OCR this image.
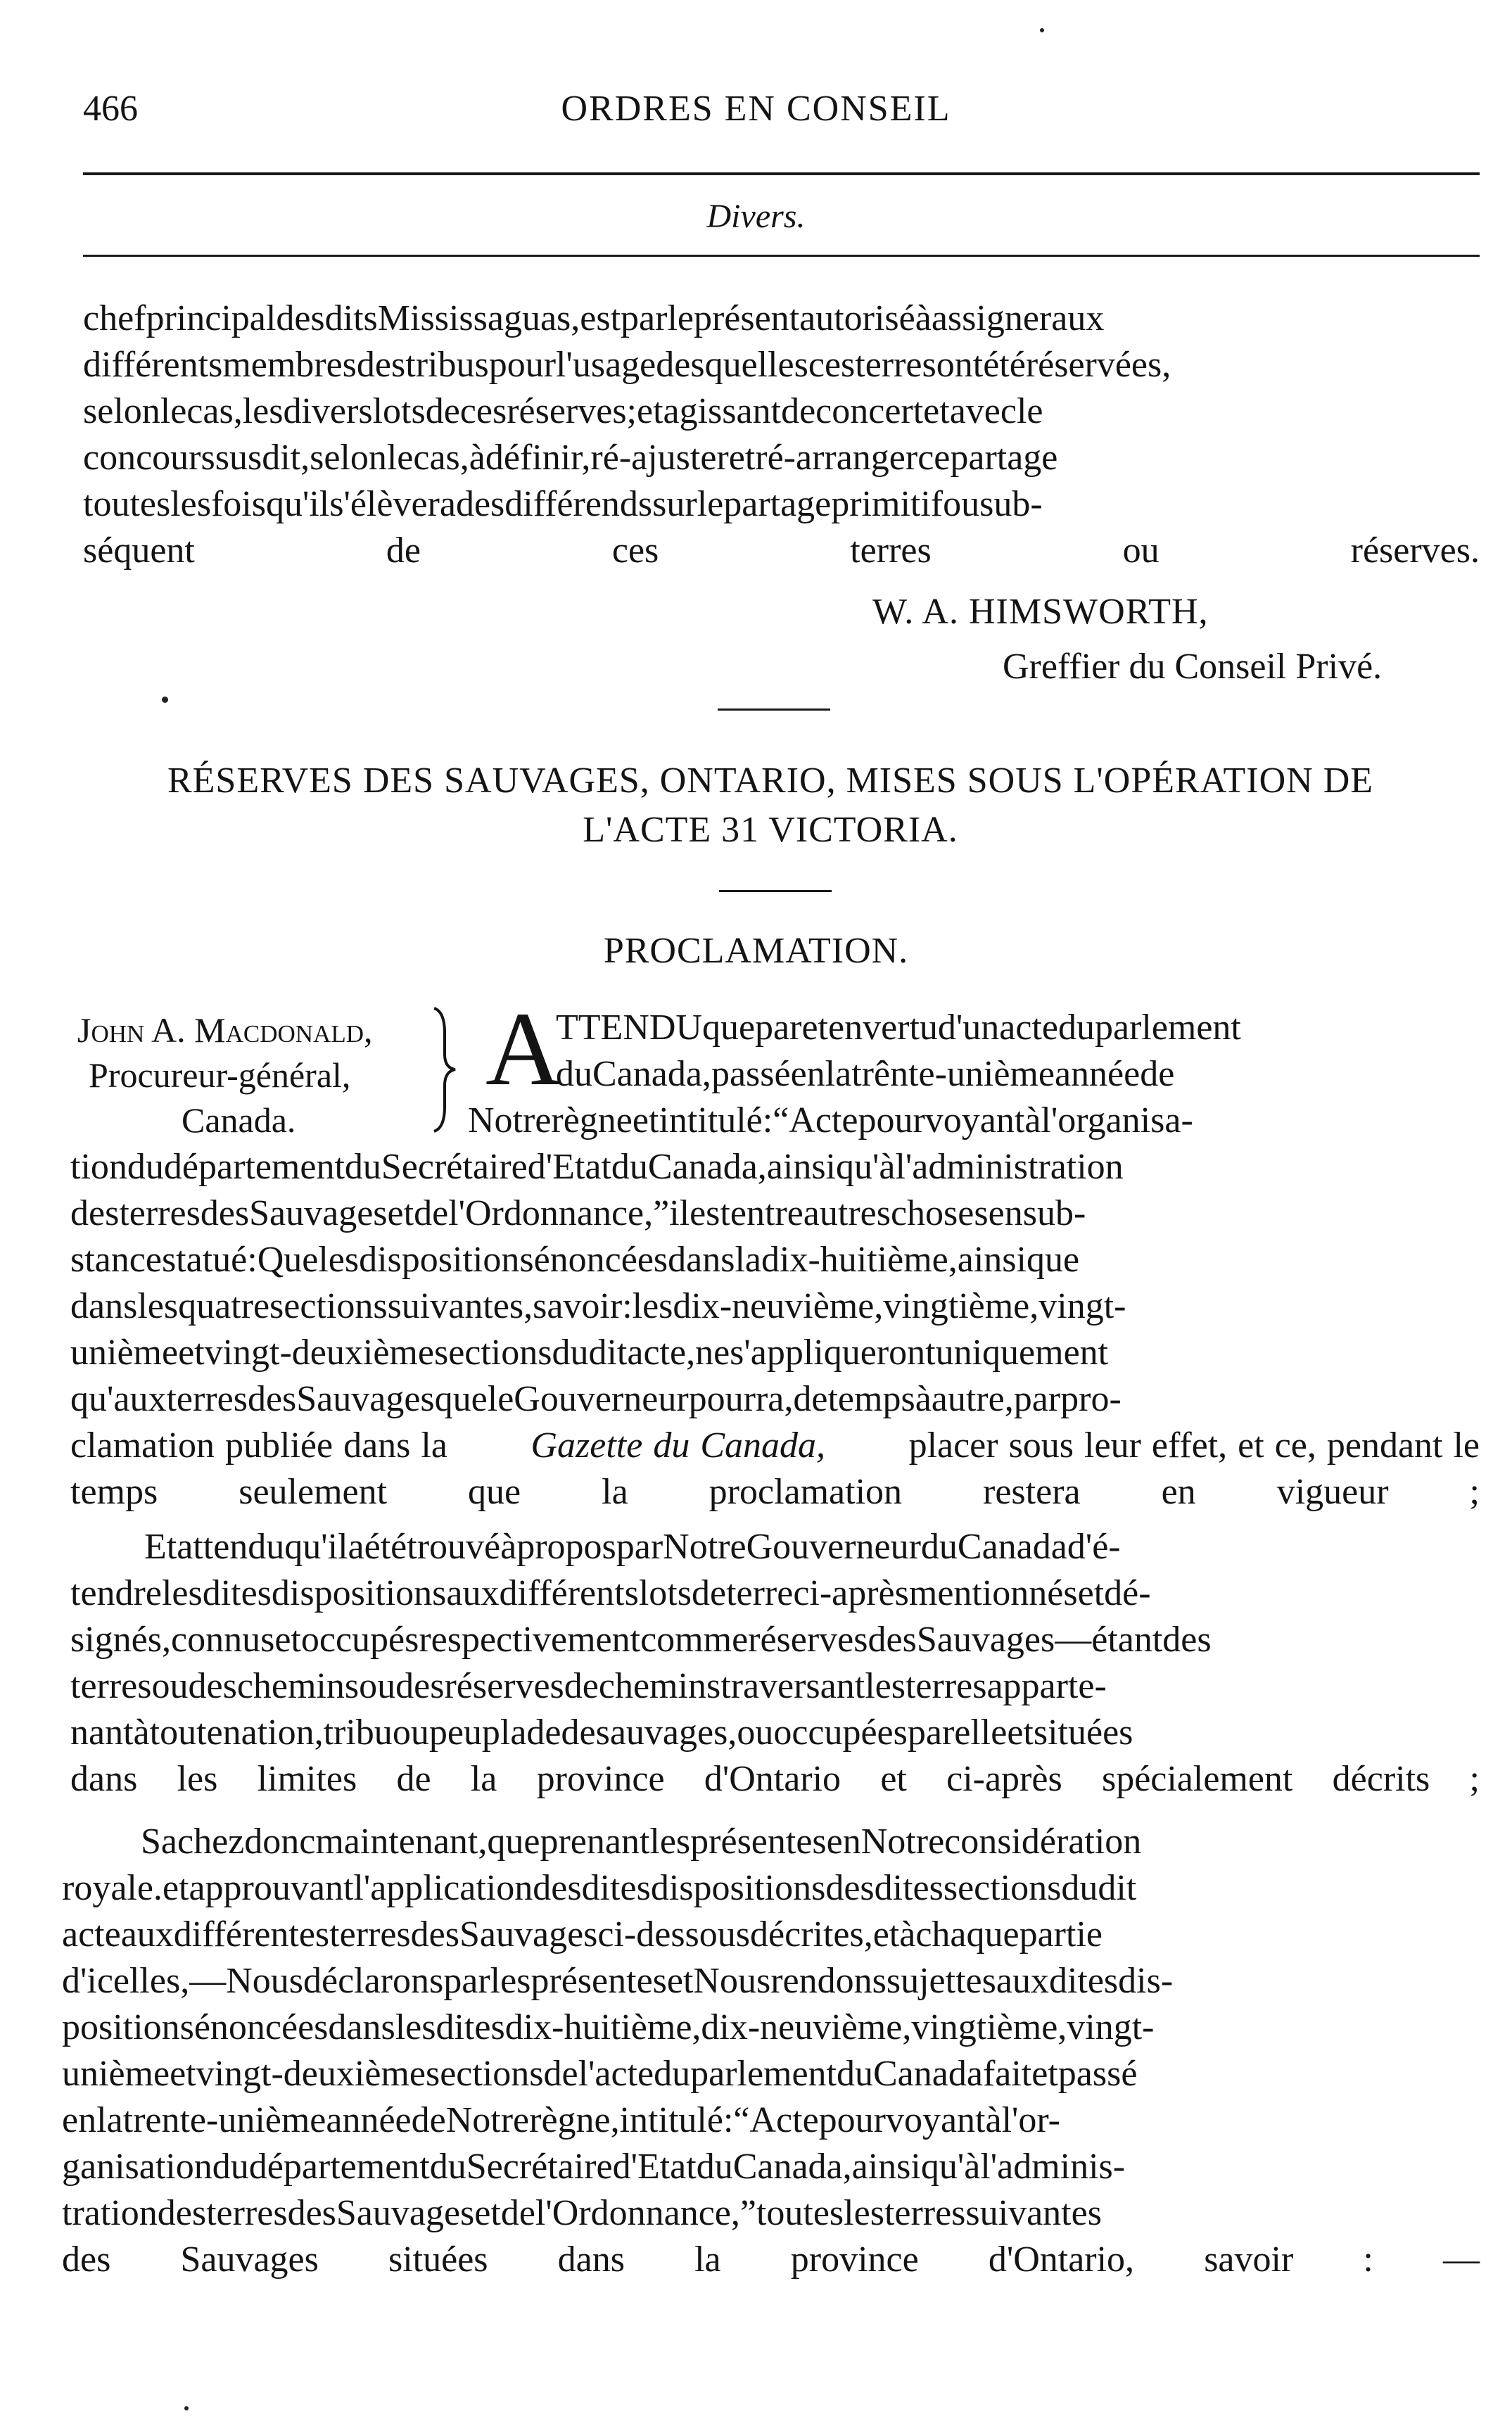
466	ORDRES EN CONSEIL
Divers.
chefprincipaldesditsMississaguas,estparleprésentautoriséàassigneraux
différentsmembresdestribuspourl'usagedesquellescesterresontétéréservées,
selonlecas,lesdiverslotsdecesréserves;etagissantdeconcertetavecle
concourssusdit,selonlecas,àdéfinir,ré-ajusteretré-arrangercepartage
touteslesfoisqu'ils'élèveradesdifférendssurlepartageprimitifousub-
séquent de ces terres ou réserves.
W. A. HIMSWORTH,
Greffier du Conseil Privé.
RÉSERVES DES SAUVAGES, ONTARIO, MISES SOUS L'OPÉRATION DE
L'ACTE 31 VICTORIA.
PROCLAMATION.
John A. Macdonald,
Procureur-général,
Canada.
A
TTENDUqueparetenvertud'unacteduparlement
duCanada,passéenlatrênte-unièmeannéede
Notrerègneetintitulé:“Actepourvoyantàl'organisa-
tiondudépartementduSecrétaired'EtatduCanada,ainsiqu'àl'administration
desterresdesSauvagesetdel'Ordonnance,”ilestentreautreschosesensub-
stancestatué:Quelesdispositionsénoncéesdansladix-huitième,ainsique
danslesquatresectionssuivantes,savoir:lesdix-neuvième,vingtième,vingt-
unièmeetvingt-deuxièmesectionsduditacte,nes'appliquerontuniquement
qu'auxterresdesSauvagesqueleGouverneurpourra,detempsàautre,parpro-
clamation publiée dans la Gazette du Canada, placer sous leur effet, et ce, pendant le
temps seulement que la proclamation restera en vigueur ;
Etattenduqu'ilaététrouvéàproposparNotreGouverneurduCanadad'é-
tendrelesditesdispositionsauxdifférentslotsdeterreci-aprèsmentionnésetdé-
signés,connusetoccupésrespectivementcommeréservesdesSauvages—étantdes
terresoudescheminsoudesréservesdecheminstraversantlesterresapparte-
nantàtoutenation,tribuoupeupladedesauvages,ouoccupéesparelleetsituées
dans les limites de la province d'Ontario et ci-après spécialement décrits ;
Sachezdoncmaintenant,queprenantlesprésentesenNotreconsidération
royale.etapprouvantl'applicationdesditesdispositionsdesditessectionsdudit
acteauxdifférentesterresdesSauvagesci-dessousdécrites,etàchaquepartie
d'icelles,—NousdéclaronsparlesprésentesetNousrendonssujettesauxditesdis-
positionsénoncéesdanslesditesdix-huitième,dix-neuvième,vingtième,vingt-
unièmeetvingt-deuxièmesectionsdel'acteduparlementduCanadafaitetpassé
enlatrente-unièmeannéedeNotrerègne,intitulé:“Actepourvoyantàl'or-
ganisationdudépartementduSecrétaired'EtatduCanada,ainsiqu'àl'adminis-
trationdesterresdesSauvagesetdel'Ordonnance,”touteslesterressuivantes
des Sauvages situées dans la province d'Ontario, savoir : —
